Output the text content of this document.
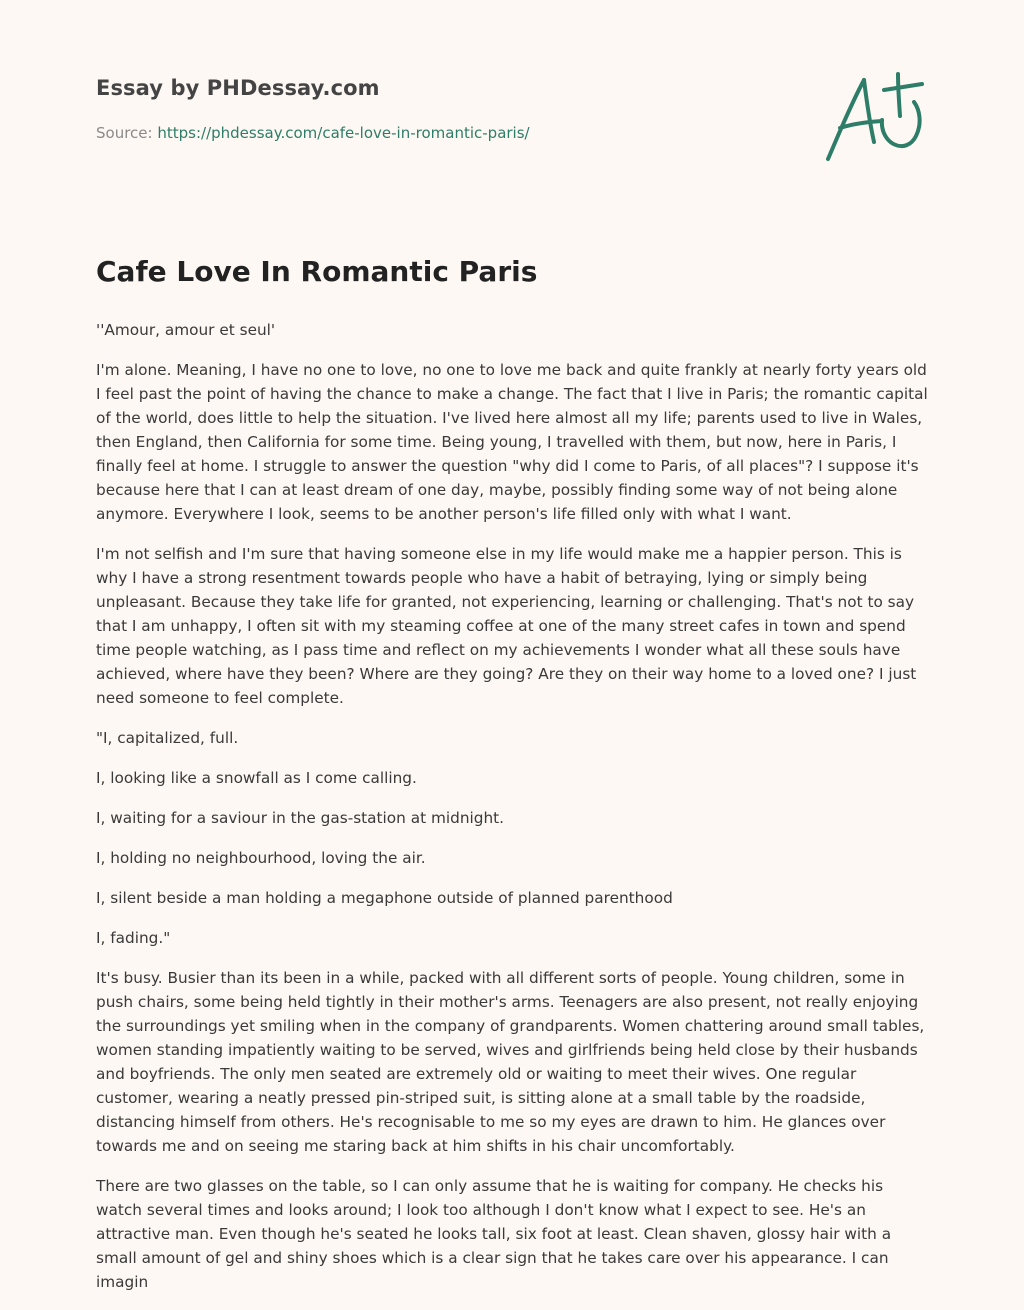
Essay by PHDessay.com
Source: https://phdessay.com/cafe-love-in-romantic-paris/
Cafe Love In Romantic Paris

''Amour, amour et seul'

I'm alone. Meaning, I have no one to love, no one to love me back and quite frankly at nearly forty years old I feel past the point of having the chance to make a change. The fact that I live in Paris; the romantic capital of the world, does little to help the situation. I've lived here almost all my life; parents used to live in Wales, then England, then California for some time. Being young, I travelled with them, but now, here in Paris, I finally feel at home. I struggle to answer the question "why did I come to Paris, of all places"? I suppose it's because here that I can at least dream of one day, maybe, possibly finding some way of not being alone anymore. Everywhere I look, seems to be another person's life filled only with what I want.

I'm not selfish and I'm sure that having someone else in my life would make me a happier person. This is why I have a strong resentment towards people who have a habit of betraying, lying or simply being unpleasant. Because they take life for granted, not experiencing, learning or challenging. That's not to say that I am unhappy, I often sit with my steaming coffee at one of the many street cafes in town and spend time people watching, as I pass time and reflect on my achievements I wonder what all these souls have achieved, where have they been? Where are they going? Are they on their way home to a loved one? I just need someone to feel complete.

"I, capitalized, full.

I, looking like a snowfall as I come calling.

I, waiting for a saviour in the gas-station at midnight.

I, holding no neighbourhood, loving the air.

I, silent beside a man holding a megaphone outside of planned parenthood

I, fading."

It's busy. Busier than its been in a while, packed with all different sorts of people. Young children, some in push chairs, some being held tightly in their mother's arms. Teenagers are also present, not really enjoying the surroundings yet smiling when in the company of grandparents. Women chattering around small tables, women standing impatiently waiting to be served, wives and girlfriends being held close by their husbands and boyfriends. The only men seated are extremely old or waiting to meet their wives. One regular customer, wearing a neatly pressed pin-striped suit, is sitting alone at a small table by the roadside, distancing himself from others. He's recognisable to me so my eyes are drawn to him. He glances over towards me and on seeing me staring back at him shifts in his chair uncomfortably.

There are two glasses on the table, so I can only assume that he is waiting for company. He checks his watch several times and looks around; I look too although I don't know what I expect to see. He's an attractive man. Even though he's seated he looks tall, six foot at least. Clean shaven, glossy hair with a small amount of gel and shiny shoes which is a clear sign that he takes care over his appearance. I can imagin
